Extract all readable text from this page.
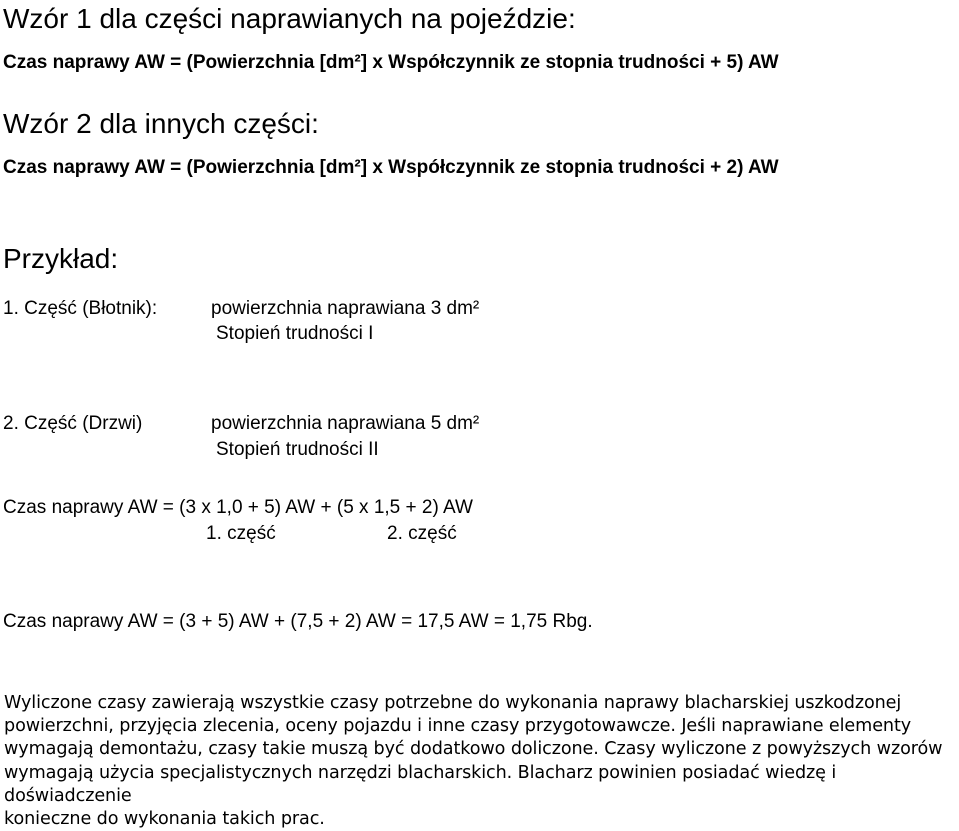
Wzór 1 dla części naprawianych na pojeździe:
Czas naprawy AW = (Powierzchnia [dm²] x Współczynnik ze stopnia trudności + 5) AW
Wzór 2 dla innych części:
Czas naprawy AW = (Powierzchnia [dm²] x Współczynnik ze stopnia trudności + 2) AW
Przykład:
1. Część (Błotnik):	powierzchnia naprawiana 3 dm²
Stopień trudności I
2. Część (Drzwi)	powierzchnia naprawiana 5 dm²
Stopień trudności II
Czas naprawy AW = (3 x 1,0 + 5) AW + (5 x 1,5 + 2) AW
1. część	2. część
Czas naprawy AW = (3 + 5) AW + (7,5 + 2) AW = 17,5 AW = 1,75 Rbg.
Wyliczone czasy zawierają wszystkie czasy potrzebne do wykonania naprawy blacharskiej uszkodzonej
powierzchni, przyjęcia zlecenia, oceny pojazdu i inne czasy przygotowawcze. Jeśli naprawiane elementy
wymagają demontażu, czasy takie muszą być dodatkowo doliczone. Czasy wyliczone z powyższych wzorów
wymagają użycia specjalistycznych narzędzi blacharskich. Blacharz powinien posiadać wiedzę i doświadczenie
konieczne do wykonania takich prac.
